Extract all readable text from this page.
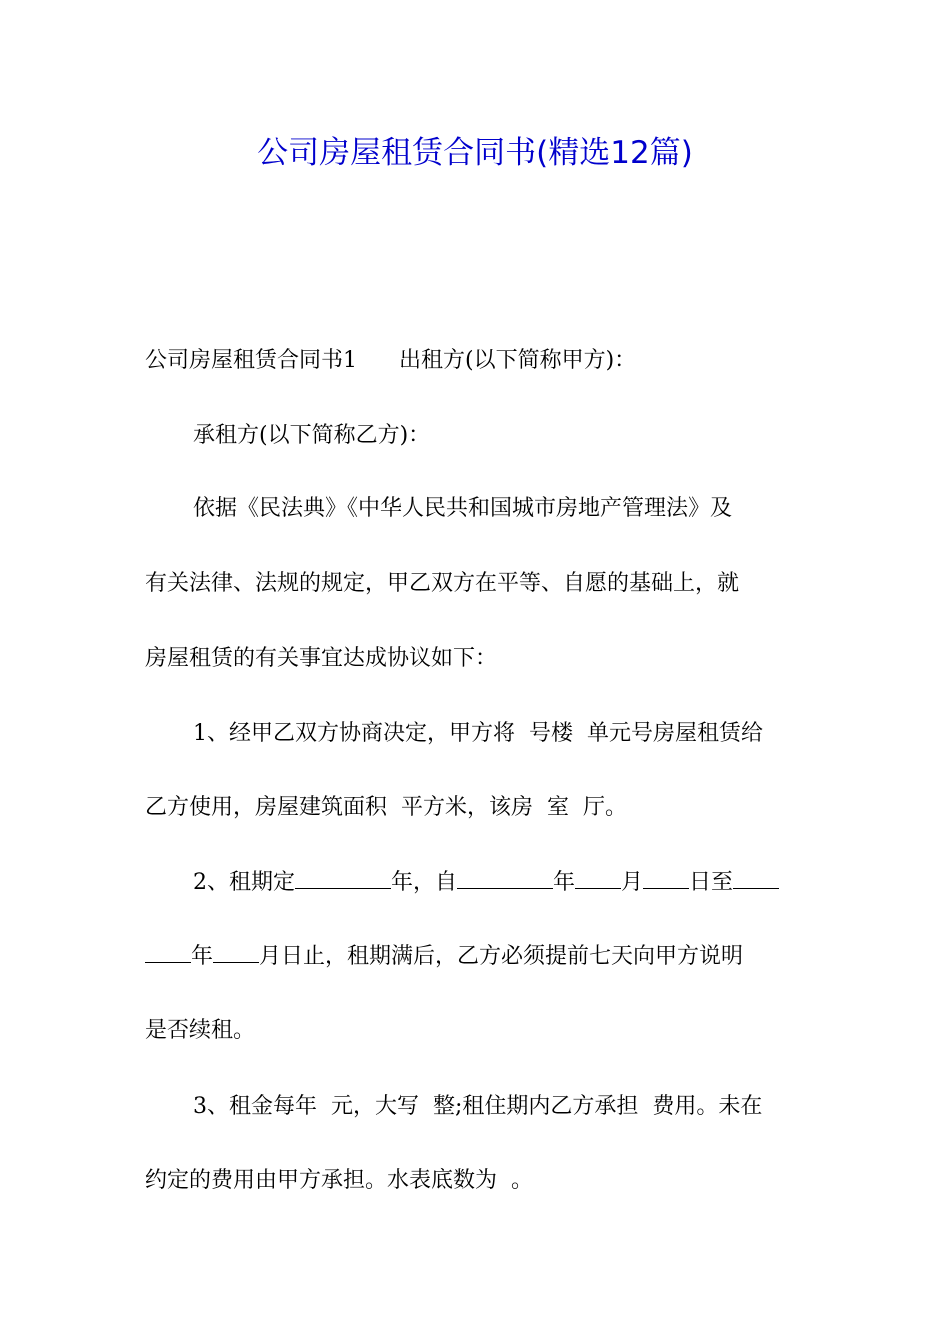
公司房屋租赁合同书(精选12篇)
公司房屋租赁合同书1 出租方(以下简称甲方)：
承租方(以下简称乙方)：
依据《民法典》《中华人民共和国城市房地产管理法》及
有关法律、法规的规定，甲乙双方在平等、自愿的基础上，就
房屋租赁的有关事宜达成协议如下：
1、经甲乙双方协商决定，甲方将  号楼  单元号房屋租赁给
乙方使用，房屋建筑面积  平方米，该房  室  厅。
2、租期定	年，自	年 月 日至
年 月日止，租期满后，乙方必须提前七天向甲方说明
是否续租。
3、租金每年  元，大写  整;租住期内乙方承担  费用。未在
约定的费用由甲方承担。水表底数为  。
